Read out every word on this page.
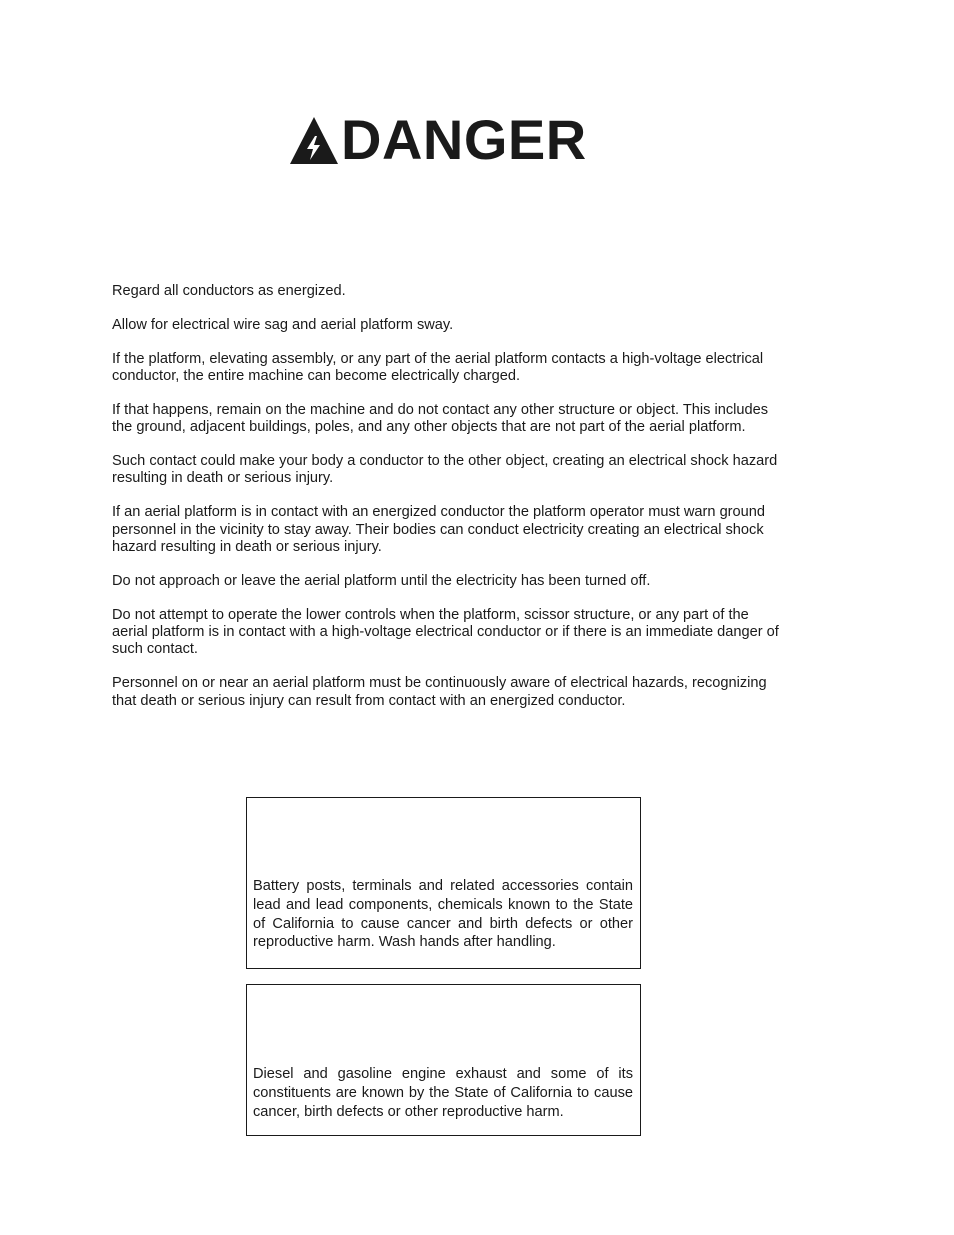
DANGER

Regard all conductors as energized.

Allow for electrical wire sag and aerial platform sway.

If the platform, elevating assembly, or any part of the aerial platform contacts a high-voltage electrical conductor, the entire machine can become electrically charged.

If that happens, remain on the machine and do not contact any other structure or object. This includes the ground, adjacent buildings, poles, and any other objects that are not part of the aerial platform.

Such contact could make your body a conductor to the other object, creating an electrical shock hazard resulting in death or serious injury.

If an aerial platform is in contact with an energized conductor the platform operator must warn ground personnel in the vicinity to stay away. Their bodies can conduct electricity creating an electrical shock hazard resulting in death or serious injury.

Do not approach or leave the aerial platform until the electricity has been turned off.

Do not attempt to operate the lower controls when the platform, scissor structure, or any part of the aerial platform is in contact with a high-voltage electrical conductor or if there is an immediate danger of such contact.

Personnel on or near an aerial platform must be continuously aware of electrical hazards, recognizing that death or serious injury can result from contact with an energized conductor.

Battery posts, terminals and related accessories contain lead and lead components, chemicals known to the State of California to cause cancer and birth defects or other reproductive harm. Wash hands after handling.

Diesel and gasoline engine exhaust and some of its constituents are known by the State of California to cause cancer, birth defects or other reproductive harm.
